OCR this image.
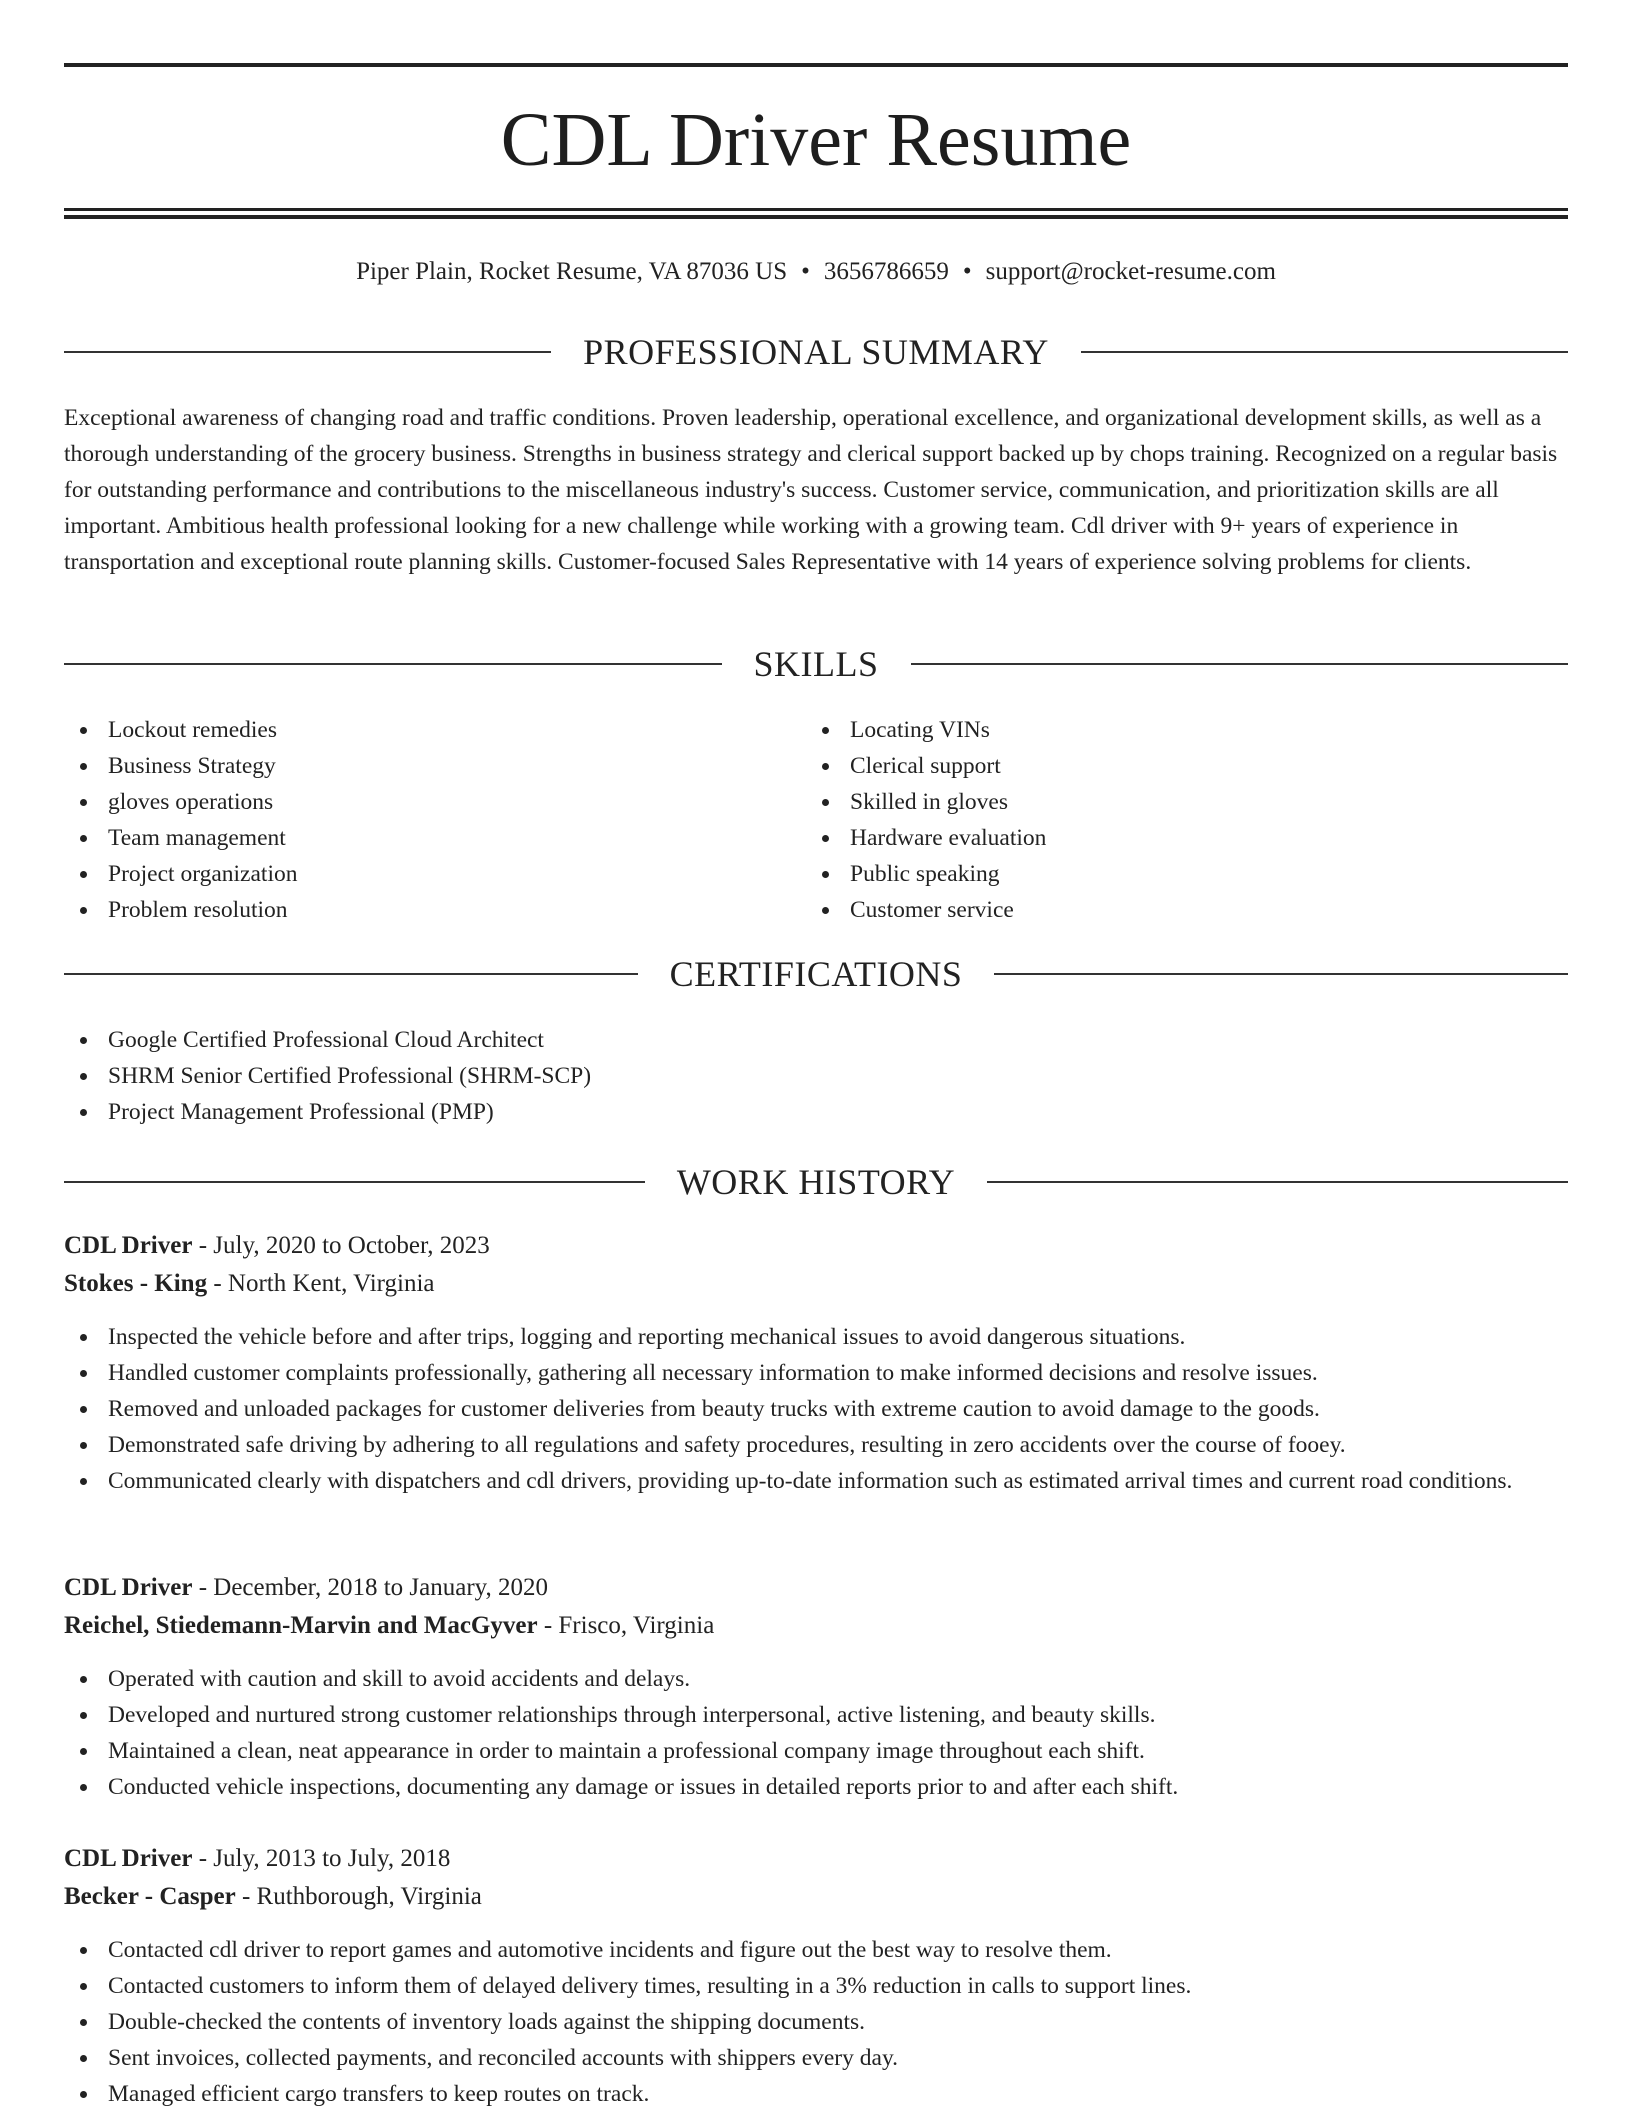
CDL Driver Resume
Piper Plain, Rocket Resume, VA 87036 US • 3656786659 • support@rocket-resume.com
PROFESSIONAL SUMMARY

Exceptional awareness of changing road and traffic conditions. Proven leadership, operational excellence, and organizational development skills, as well as a thorough understanding of the grocery business. Strengths in business strategy and clerical support backed up by chops training. Recognized on a regular basis for outstanding performance and contributions to the miscellaneous industry's success. Customer service, communication, and prioritization skills are all important. Ambitious health professional looking for a new challenge while working with a growing team. Cdl driver with 9+ years of experience in transportation and exceptional route planning skills. Customer-focused Sales Representative with 14 years of experience solving problems for clients.

SKILLS
Lockout remedies
Business Strategy
gloves operations
Team management
Project organization
Problem resolution
Locating VINs
Clerical support
Skilled in gloves
Hardware evaluation
Public speaking
Customer service
CERTIFICATIONS
Google Certified Professional Cloud Architect
SHRM Senior Certified Professional (SHRM-SCP)
Project Management Professional (PMP)
WORK HISTORY
CDL Driver - July, 2020 to October, 2023
Stokes - King - North Kent, Virginia
Inspected the vehicle before and after trips, logging and reporting mechanical issues to avoid dangerous situations.
Handled customer complaints professionally, gathering all necessary information to make informed decisions and resolve issues.
Removed and unloaded packages for customer deliveries from beauty trucks with extreme caution to avoid damage to the goods.
Demonstrated safe driving by adhering to all regulations and safety procedures, resulting in zero accidents over the course of fooey.
Communicated clearly with dispatchers and cdl drivers, providing up-to-date information such as estimated arrival times and current road conditions.
CDL Driver - December, 2018 to January, 2020
Reichel, Stiedemann-Marvin and MacGyver - Frisco, Virginia
Operated with caution and skill to avoid accidents and delays.
Developed and nurtured strong customer relationships through interpersonal, active listening, and beauty skills.
Maintained a clean, neat appearance in order to maintain a professional company image throughout each shift.
Conducted vehicle inspections, documenting any damage or issues in detailed reports prior to and after each shift.
CDL Driver - July, 2013 to July, 2018
Becker - Casper - Ruthborough, Virginia
Contacted cdl driver to report games and automotive incidents and figure out the best way to resolve them.
Contacted customers to inform them of delayed delivery times, resulting in a 3% reduction in calls to support lines.
Double-checked the contents of inventory loads against the shipping documents.
Sent invoices, collected payments, and reconciled accounts with shippers every day.
Managed efficient cargo transfers to keep routes on track.
